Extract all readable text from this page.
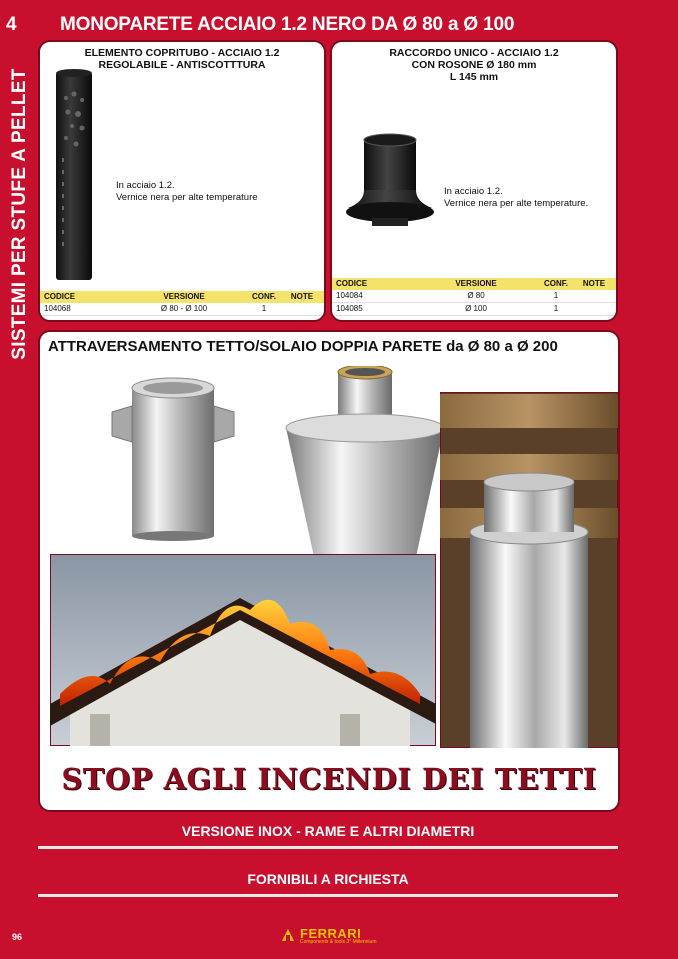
4
SISTEMI PER STUFE A PELLET
MONOPARETE ACCIAIO 1.2 NERO DA Ø 80 a Ø 100
ELEMENTO COPRITUBO - ACCIAIO 1.2
REGOLABILE - ANTISCOTTTURA
In acciaio 1.2.
Vernice nera per alte temperature
CODICE	VERSIONE	CONF.	NOTE
104068	Ø 80 - Ø 100	1
RACCORDO UNICO - ACCIAIO 1.2
CON ROSONE Ø 180 mm
L 145 mm
In acciaio 1.2.
Vernice nera per alte temperature.
CODICE	VERSIONE	CONF.	NOTE
104084	Ø 80	1
104085	Ø 100	1
ATTRAVERSAMENTO TETTO/SOLAIO DOPPIA PARETE da Ø 80 a Ø 200
STOP AGLI INCENDI DEI TETTI
VERSIONE INOX - RAME E ALTRI DIAMETRI
FORNIBILI A RICHIESTA
96	FERRARI
Components & tools 3° Millennium
